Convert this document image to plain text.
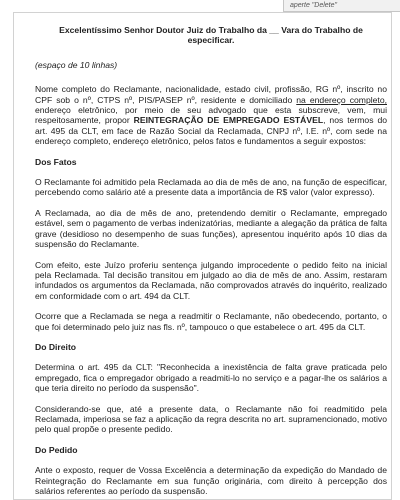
aperte "Delete"
Excelentíssimo Senhor Doutor Juiz do Trabalho da __ Vara do Trabalho de especificar.
(espaço de 10 linhas)

Nome completo do Reclamante, nacionalidade, estado civil, profissão, RG nº, inscrito no CPF sob o nº, CTPS nº, PIS/PASEP nº, residente e domiciliado na endereço completo, endereço eletrônico, por meio de seu advogado que esta subscreve, vem, mui respeitosamente, propor REINTEGRAÇÃO DE EMPREGADO ESTÁVEL, nos termos do art. 495 da CLT, em face de Razão Social da Reclamada, CNPJ nº, I.E. nº, com sede na endereço completo, endereço eletrônico, pelos fatos e fundamentos a seguir expostos:

Dos Fatos

O Reclamante foi admitido pela Reclamada ao dia de mês de ano, na função de especificar, percebendo como salário até a presente data a importância de R$ valor (valor expresso).

A Reclamada, ao dia de mês de ano, pretendendo demitir o Reclamante, empregado estável, sem o pagamento de verbas indenizatórias, mediante a alegação da prática de falta grave (desidioso no desempenho de suas funções), apresentou inquérito após 10 dias da suspensão do Reclamante.

Com efeito, este Juízo proferiu sentença julgando improcedente o pedido feito na inicial pela Reclamada. Tal decisão transitou em julgado ao dia de mês de ano. Assim, restaram infundados os argumentos da Reclamada, não comprovados através do inquérito, realizado em conformidade com o art. 494 da CLT.

Ocorre que a Reclamada se nega a readmitir o Reclamante, não obedecendo, portanto, o que foi determinado pelo juiz nas fls. nº, tampouco o que estabelece o art. 495 da CLT.

Do Direito

Determina o art. 495 da CLT: "Reconhecida a inexistência de falta grave praticada pelo empregado, fica o empregador obrigado a readmiti-lo no serviço e a pagar-lhe os salários a que teria direito no período da suspensão".

Considerando-se que, até a presente data, o Reclamante não foi readmitido pela Reclamada, imperiosa se faz a aplicação da regra descrita no art. supramencionado, motivo pelo qual propõe o presente pedido.

Do Pedido

Ante o exposto, requer de Vossa Excelência a determinação da expedição do Mandado de Reintegração do Reclamante em sua função originária, com direito à percepção dos salários referentes ao período da suspensão.
